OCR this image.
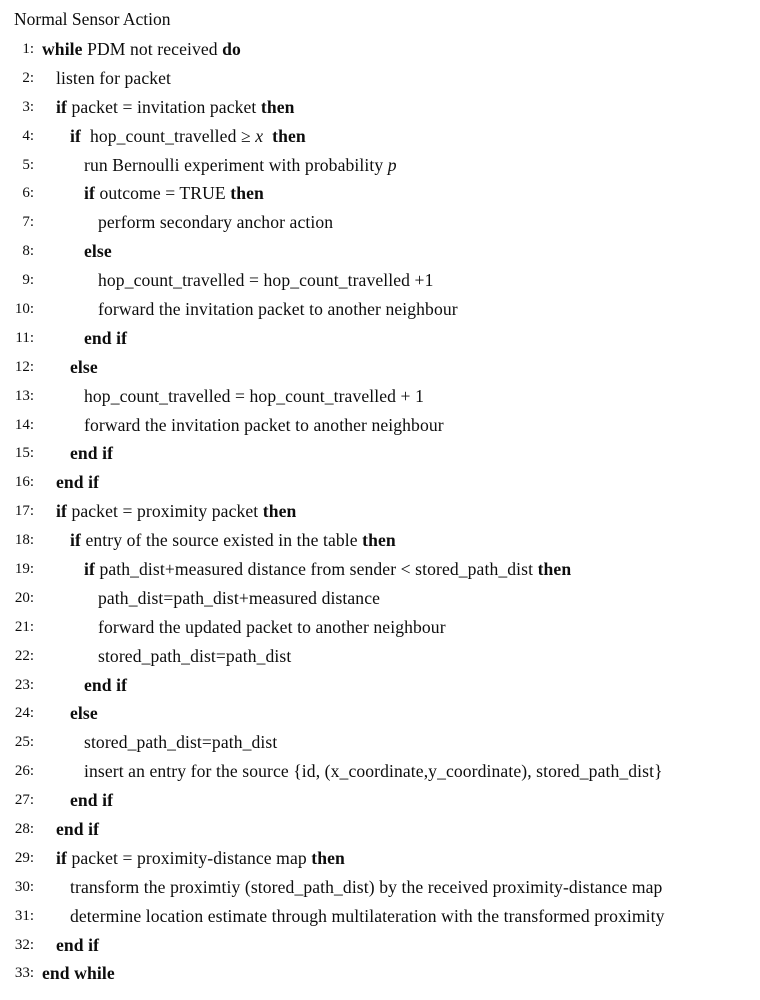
Normal Sensor Action
1: while PDM not received do
2: listen for packet
3: if packet = invitation packet then
4: if  hop_count_travelled ≥ x then
5:	run Bernoulli experiment with probability p
6:	if outcome = TRUE then
7:	perform secondary anchor action
8:	else
9:	hop_count_travelled = hop_count_travelled +1
10:	forward the invitation packet to another neighbour
11:	end if
12: else
13:	hop_count_travelled = hop_count_travelled + 1
14:	forward the invitation packet to another neighbour
15: end if
16: end if
17: if packet = proximity packet then
18: if entry of the source existed in the table then
19:	if path_dist+measured distance from sender < stored_path_dist then
20:	path_dist=path_dist+measured distance
21:	forward the updated packet to another neighbour
22:	stored_path_dist=path_dist
23:	end if
24: else
25:	stored_path_dist=path_dist
26:	insert an entry for the source {id, (x_coordinate,y_coordinate), stored_path_dist}
27: end if
28: end if
29: if packet = proximity-distance map then
30: transform the proximtiy (stored_path_dist) by the received proximity-distance map
31: determine location estimate through multilateration with the transformed proximity
32: end if
33: end while
